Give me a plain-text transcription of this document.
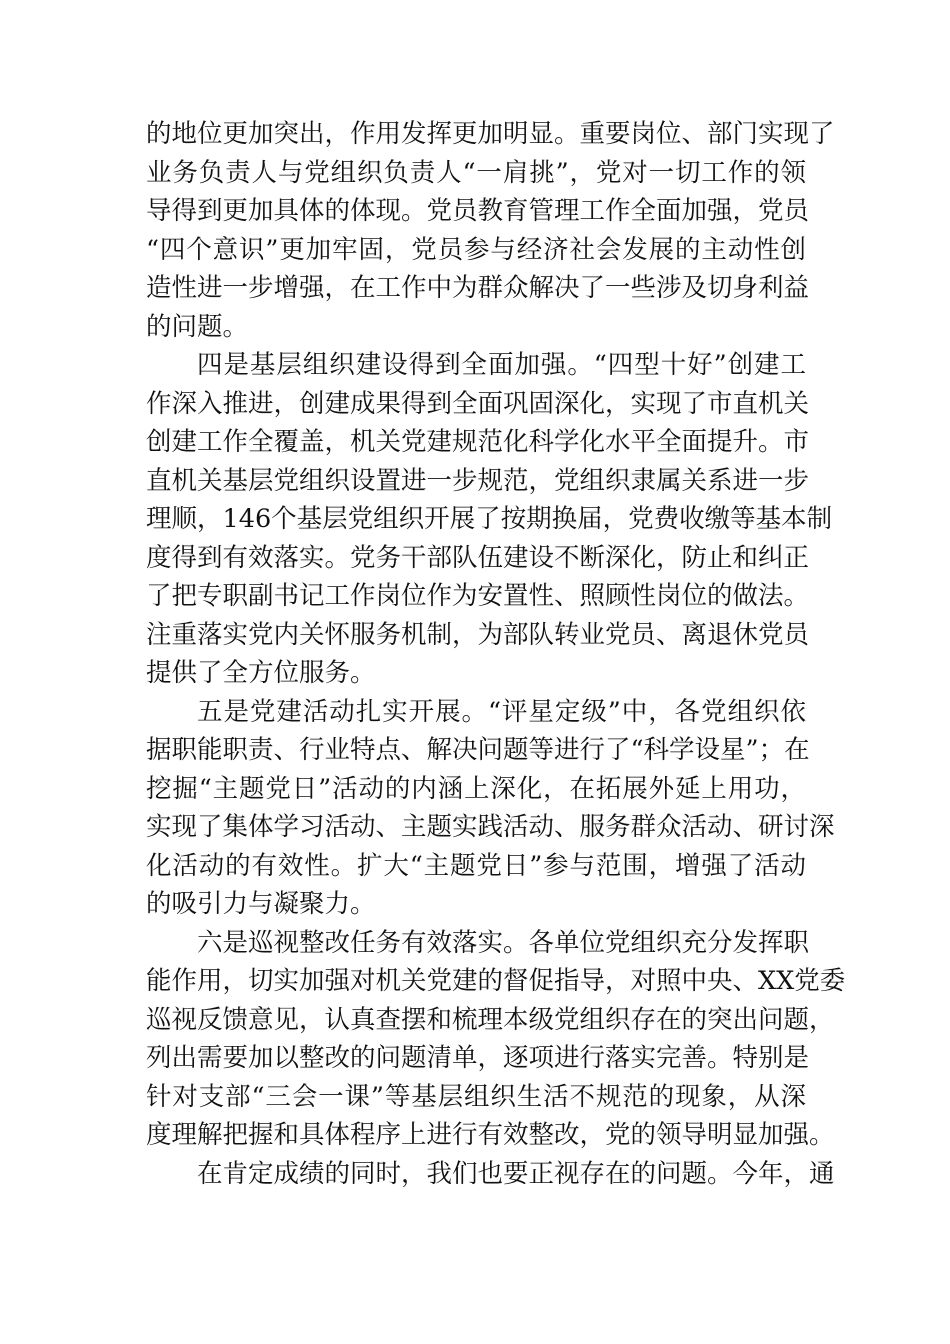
的地位更加突出，作用发挥更加明显。重要岗位、部门实现了
业务负责人与党组织负责人“一肩挑”，党对一切工作的领
导得到更加具体的体现。党员教育管理工作全面加强，党员
“四个意识”更加牢固，党员参与经济社会发展的主动性创
造性进一步增强，在工作中为群众解决了一些涉及切身利益
的问题。
四是基层组织建设得到全面加强。“四型十好”创建工
作深入推进，创建成果得到全面巩固深化，实现了市直机关
创建工作全覆盖，机关党建规范化科学化水平全面提升。市
直机关基层党组织设置进一步规范，党组织隶属关系进一步
理顺，146个基层党组织开展了按期换届，党费收缴等基本制
度得到有效落实。党务干部队伍建设不断深化，防止和纠正
了把专职副书记工作岗位作为安置性、照顾性岗位的做法。
注重落实党内关怀服务机制，为部队转业党员、离退休党员
提供了全方位服务。
五是党建活动扎实开展。“评星定级”中，各党组织依
据职能职责、行业特点、解决问题等进行了“科学设星”；在
挖掘“主题党日”活动的内涵上深化，在拓展外延上用功，
实现了集体学习活动、主题实践活动、服务群众活动、研讨深
化活动的有效性。扩大“主题党日”参与范围，增强了活动
的吸引力与凝聚力。
六是巡视整改任务有效落实。各单位党组织充分发挥职
能作用，切实加强对机关党建的督促指导，对照中央、XX党委
巡视反馈意见，认真查摆和梳理本级党组织存在的突出问题，
列出需要加以整改的问题清单，逐项进行落实完善。特别是
针对支部“三会一课”等基层组织生活不规范的现象，从深
度理解把握和具体程序上进行有效整改，党的领导明显加强。
在肯定成绩的同时，我们也要正视存在的问题。今年，通
